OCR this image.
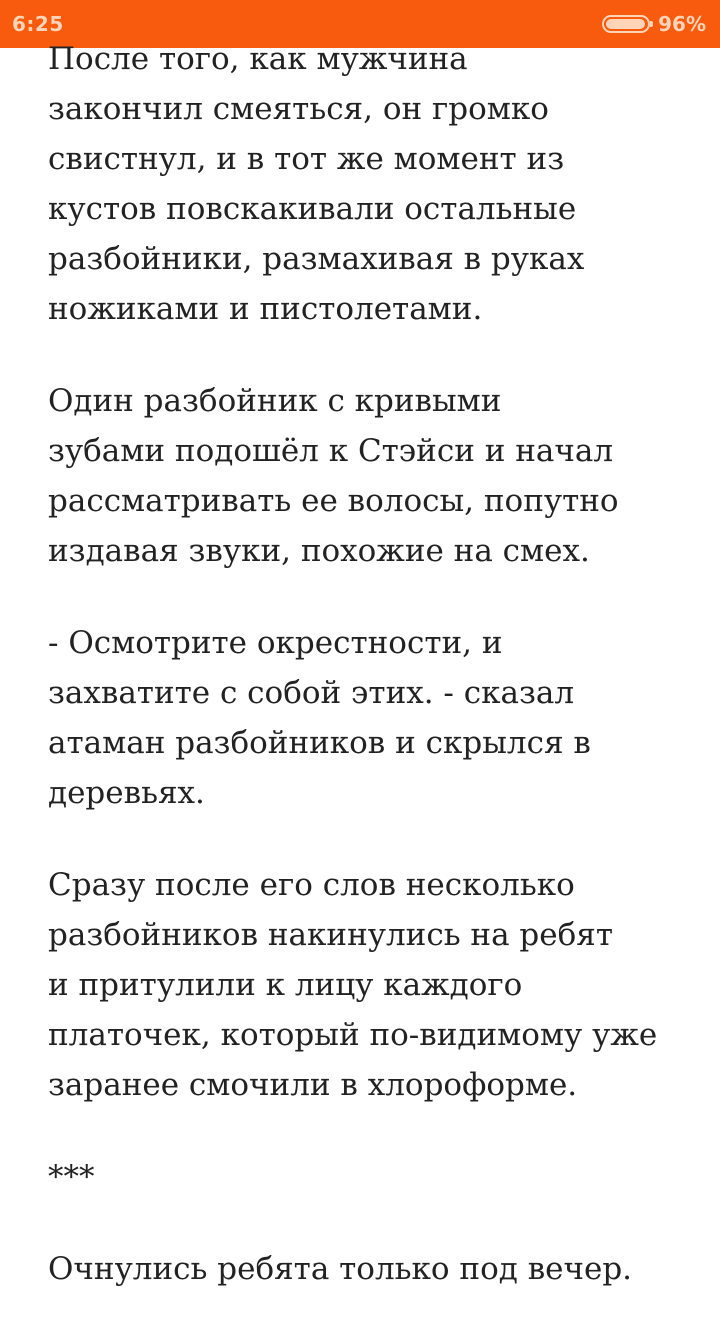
6:25	96%

После того, как мужчина
закончил смеяться, он громко
свистнул, и в тот же момент из
кустов повскакивали остальные
разбойники, размахивая в руках
ножиками и пистолетами.

Один разбойник с кривыми
зубами подошёл к Стэйси и начал
рассматривать ее волосы, попутно
издавая звуки, похожие на смех.

- Осмотрите окрестности, и
захватите с собой этих. - сказал
атаман разбойников и скрылся в
деревьях.

Сразу после его слов несколько
разбойников накинулись на ребят
и притулили к лицу каждого
платочек, который по-видимому уже
заранее смочили в хлороформе.

***

Очнулись ребята только под вечер.
